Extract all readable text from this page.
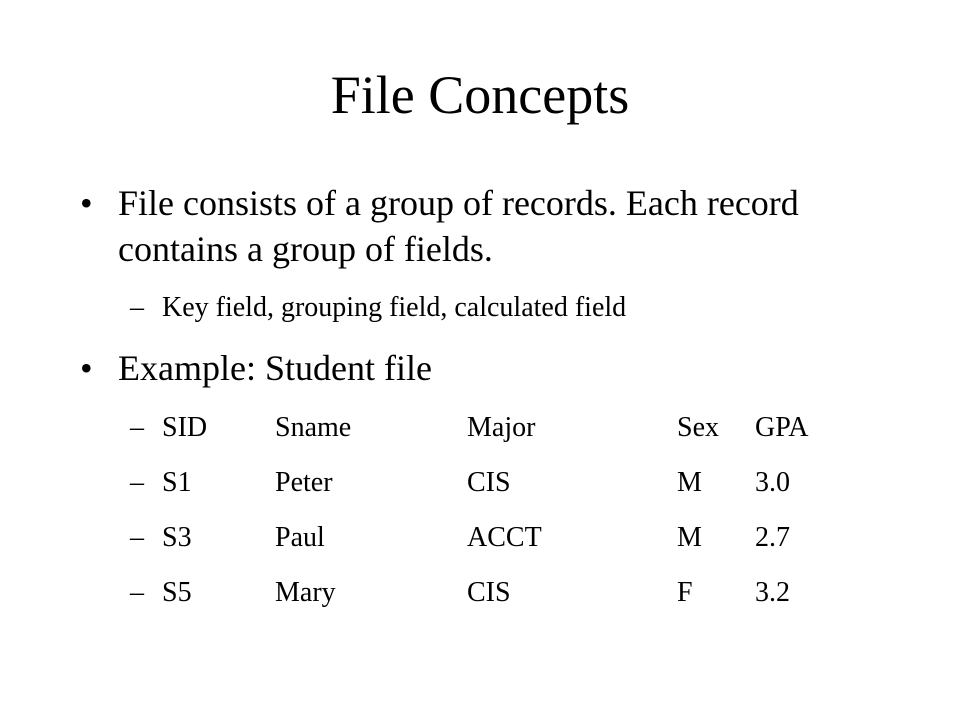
File Concepts
• File consists of a group of records. Each record contains a group of fields.
– Key field, grouping field, calculated field
• Example: Student file
– SID Sname	Major	Sex GPA
– S1	Peter	CIS	M 3.0
– S3	Paul	ACCT	M 2.7
– S5	Mary	CIS	F 3.2
